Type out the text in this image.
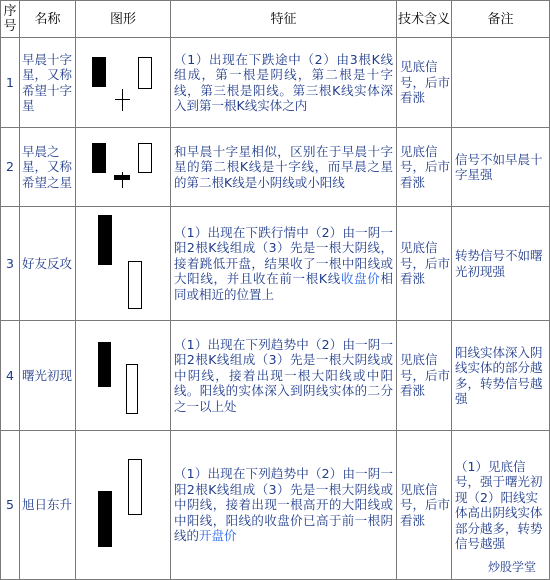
序号	名称	图形	特征	技术含义	备注
1	早晨十字星，又称希望十字星		（1）出现在下跌途中（2）由3根K线组成，第一根是阴线，第二根是十字线，第三根是阳线。第三根K线实体深入到第一根K线实体之内	见底信号，后市看涨	
2	早晨之星，又称希望之星		和早晨十字星相似，区别在于早晨十字星的第二根K线是十字线，而早晨之星的第二根K线是小阴线或小阳线	见底信号，后市看涨	信号不如早晨十字星强
3	好友反攻		（1）出现在下跌行情中（2）由一阴一阳2根K线组成（3）先是一根大阴线，接着跳低开盘，结果收了一根中阳线或大阳线，并且收在前一根K线收盘价相同或相近的位置上	见底信号，后市看涨	转势信号不如曙光初现强
4	曙光初现		（1）出现在下列趋势中（2）由一阴一阳2根K线组成（3）先是一根大阴线或中阴线，接着出现一根大阳线或中阳线。阳线的实体深入到阴线实体的二分之一以上处	见底信号，后市看涨	阳线实体深入阴线实体的部分越多，转势信号越强
5	旭日东升		（1）出现在下列趋势中（2）由一阴一阳2根K线组成（3）先是一根大阴线或中阴线，接着出现一根高开的大阳线或中阳线，阳线的收盘价已高于前一根阴线的开盘价	见底信号，后市看涨	（1）见底信号，强于曙光初现（2）阳线实体高出阴线实体部分越多，转势信号越强
炒股学堂
